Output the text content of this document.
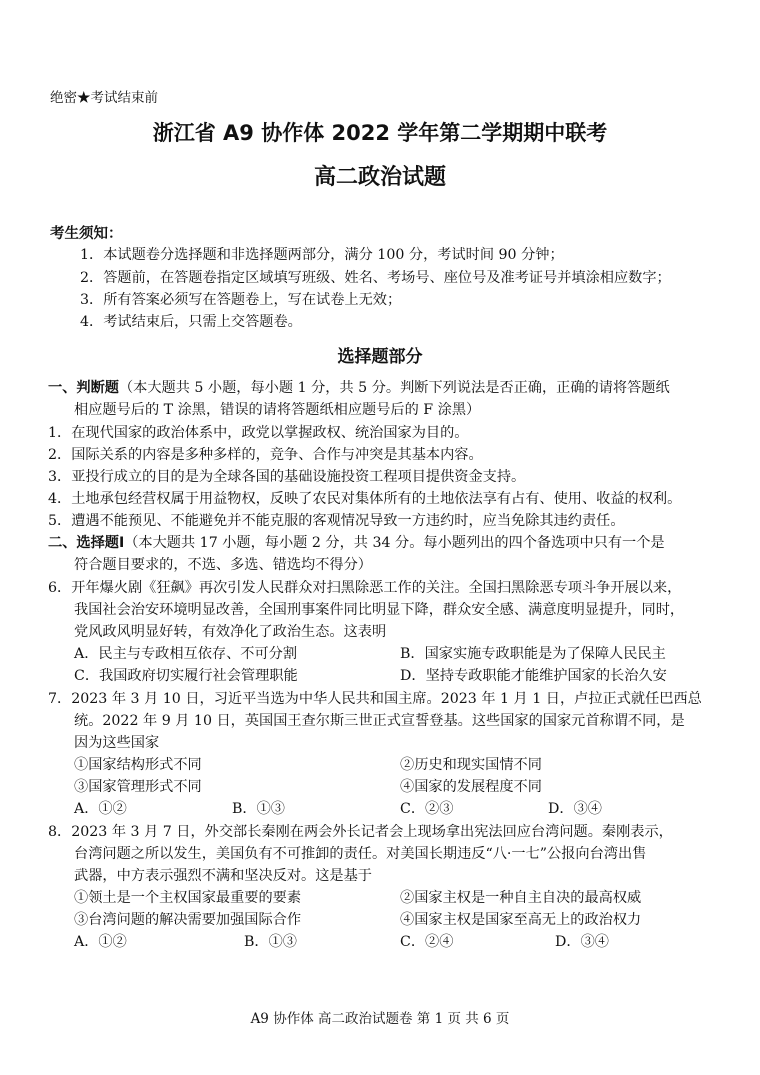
绝密★考试结束前
浙江省 A9 协作体 2022 学年第二学期期中联考
高二政治试题
考生须知：
1．本试题卷分选择题和非选择题两部分，满分 100 分，考试时间 90 分钟；
2．答题前，在答题卷指定区域填写班级、姓名、考场号、座位号及准考证号并填涂相应数字；
3．所有答案必须写在答题卷上，写在试卷上无效；
4．考试结束后，只需上交答题卷。
选择题部分
一、判断题（本大题共 5 小题，每小题 1 分，共 5 分。判断下列说法是否正确，正确的请将答题纸
相应题号后的 T 涂黑，错误的请将答题纸相应题号后的 F 涂黑）
1．在现代国家的政治体系中，政党以掌握政权、统治国家为目的。
2．国际关系的内容是多种多样的，竞争、合作与冲突是其基本内容。
3．亚投行成立的目的是为全球各国的基础设施投资工程项目提供资金支持。
4．土地承包经营权属于用益物权，反映了农民对集体所有的土地依法享有占有、使用、收益的权利。
5．遭遇不能预见、不能避免并不能克服的客观情况导致一方违约时，应当免除其违约责任。
二、选择题Ⅰ（本大题共 17 小题，每小题 2 分，共 34 分。每小题列出的四个备选项中只有一个是
符合题目要求的，不选、多选、错选均不得分）
6．开年爆火剧《狂飙》再次引发人民群众对扫黑除恶工作的关注。全国扫黑除恶专项斗争开展以来，
我国社会治安环境明显改善，全国刑事案件同比明显下降，群众安全感、满意度明显提升，同时，
党风政风明显好转，有效净化了政治生态。这表明
A．民主与专政相互依存、不可分割	B．国家实施专政职能是为了保障人民民主
C．我国政府切实履行社会管理职能	D．坚持专政职能才能维护国家的长治久安
7．2023 年 3 月 10 日，习近平当选为中华人民共和国主席。2023 年 1 月 1 日，卢拉正式就任巴西总
统。2022 年 9 月 10 日，英国国王查尔斯三世正式宣誓登基。这些国家的国家元首称谓不同，是
因为这些国家
①国家结构形式不同	②历史和现实国情不同
③国家管理形式不同	④国家的发展程度不同
A．①②	B．①③	C．②③	D．③④
8．2023 年 3 月 7 日，外交部长秦刚在两会外长记者会上现场拿出宪法回应台湾问题。秦刚表示，
台湾问题之所以发生，美国负有不可推卸的责任。对美国长期违反“八·一七”公报向台湾出售
武器，中方表示强烈不满和坚决反对。这是基于
①领土是一个主权国家最重要的要素	②国家主权是一种自主自决的最高权威
③台湾问题的解决需要加强国际合作	④国家主权是国家至高无上的政治权力
A．①②	B．①③	C．②④	D．③④
A9 协作体 高二政治试题卷 第 1 页 共 6 页
